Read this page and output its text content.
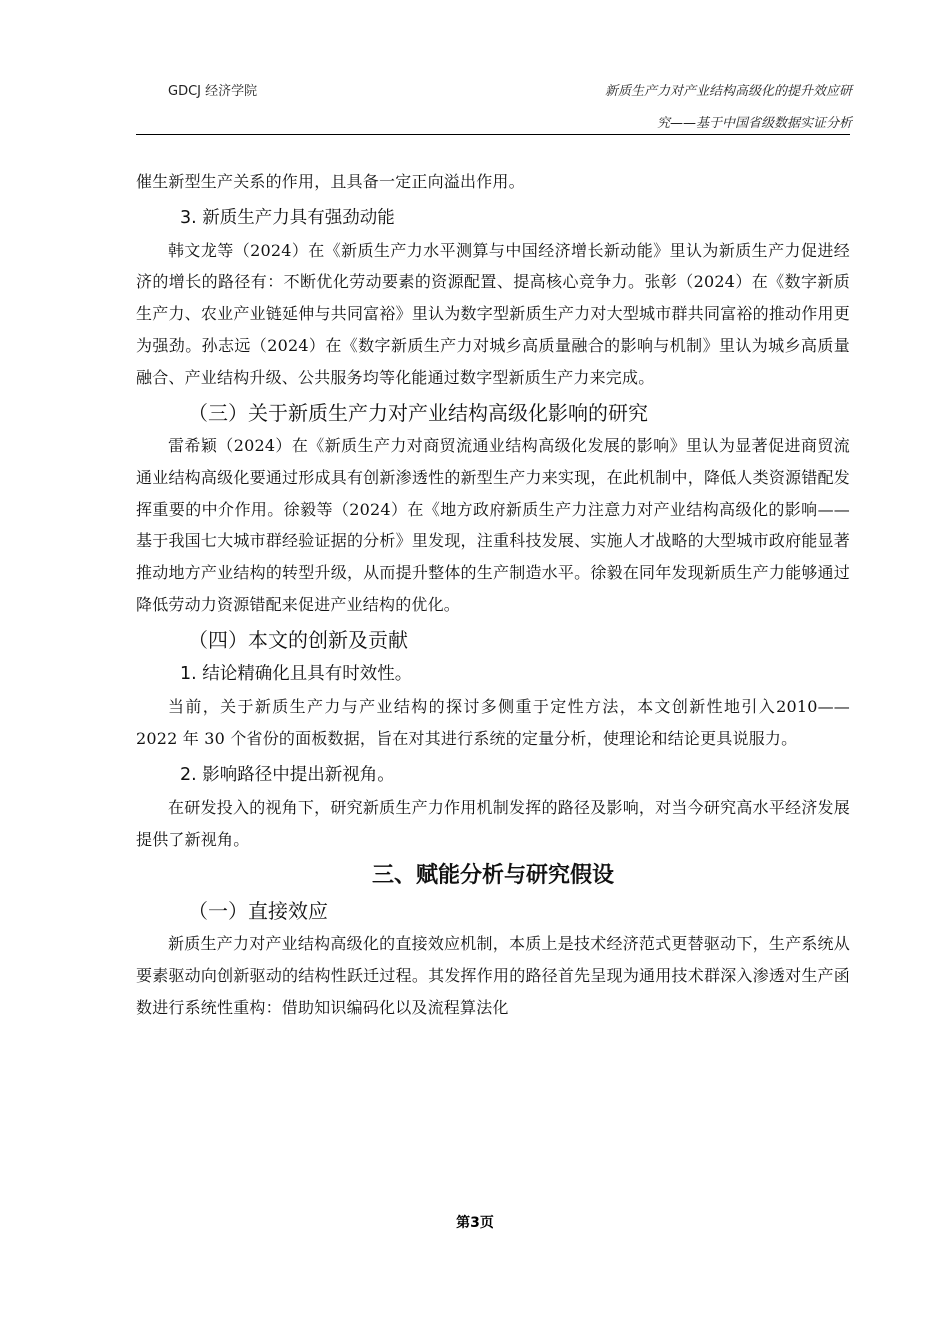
GDCJ 经济学院	新质生产力对产业结构高级化的提升效应研
究——基于中国省级数据实证分析

催生新型生产关系的作用，且具备一定正向溢出作用。

3. 新质生产力具有强劲动能

韩文龙等（2024）在《新质生产力水平测算与中国经济增长新动能》里认为新质生产力促进经济的增长的路径有：不断优化劳动要素的资源配置、提高核心竞争力。张彰（2024）在《数字新质生产力、农业产业链延伸与共同富裕》里认为数字型新质生产力对大型城市群共同富裕的推动作用更为强劲。孙志远（2024）在《数字新质生产力对城乡高质量融合的影响与机制》里认为城乡高质量融合、产业结构升级、公共服务均等化能通过数字型新质生产力来完成。

（三）关于新质生产力对产业结构高级化影响的研究

雷希颖（2024）在《新质生产力对商贸流通业结构高级化发展的影响》里认为显著促进商贸流通业结构高级化要通过形成具有创新渗透性的新型生产力来实现，在此机制中，降低人类资源错配发挥重要的中介作用。徐毅等（2024）在《地方政府新质生产力注意力对产业结构高级化的影响——基于我国七大城市群经验证据的分析》里发现，注重科技发展、实施人才战略的大型城市政府能显著推动地方产业结构的转型升级，从而提升整体的生产制造水平。徐毅在同年发现新质生产力能够通过降低劳动力资源错配来促进产业结构的优化。

（四）本文的创新及贡献
1. 结论精确化且具有时效性。

当前，关于新质生产力与产业结构的探讨多侧重于定性方法，本文创新性地引入2010——2022 年 30 个省份的面板数据，旨在对其进行系统的定量分析，使理论和结论更具说服力。

2. 影响路径中提出新视角。

在研发投入的视角下，研究新质生产力作用机制发挥的路径及影响，对当今研究高水平经济发展提供了新视角。

三、赋能分析与研究假设
（一）直接效应

新质生产力对产业结构高级化的直接效应机制，本质上是技术经济范式更替驱动下，生产系统从要素驱动向创新驱动的结构性跃迁过程。其发挥作用的路径首先呈现为通用技术群深入渗透对生产函数进行系统性重构：借助知识编码化以及流程算法化

第3页
